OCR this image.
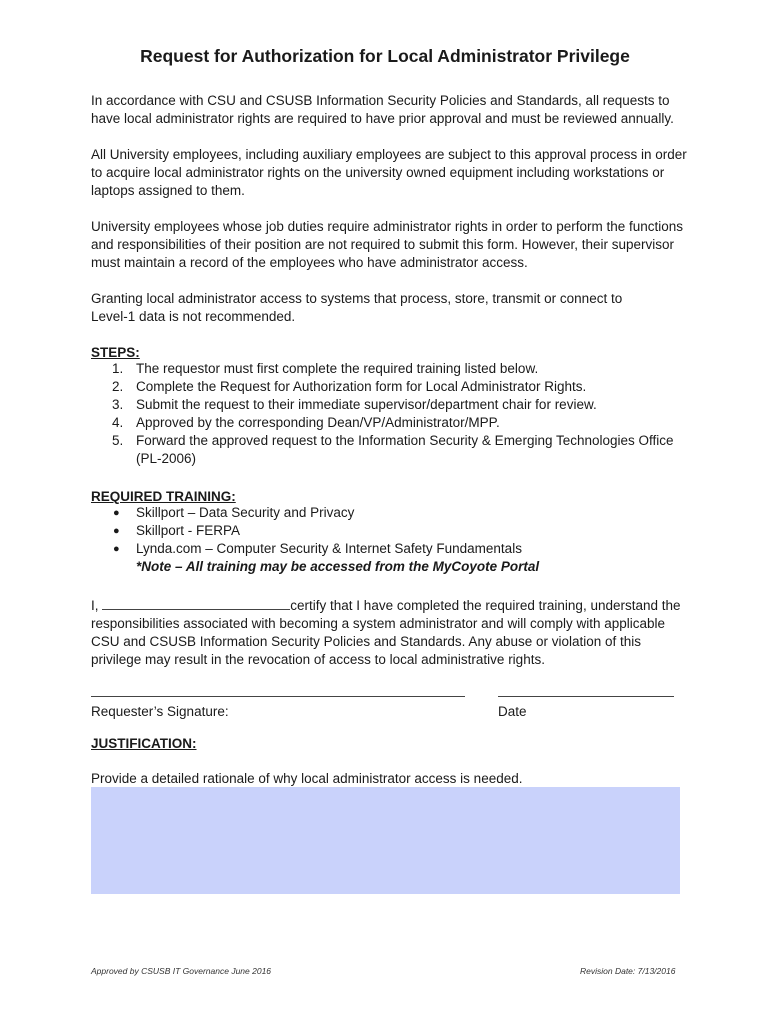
Request for Authorization for Local Administrator Privilege

In accordance with CSU and CSUSB Information Security Policies and Standards, all requests to have local administrator rights are required to have prior approval and must be reviewed annually.

All University employees, including auxiliary employees are subject to this approval process in order to acquire local administrator rights on the university owned equipment including workstations or laptops assigned to them.

University employees whose job duties require administrator rights in order to perform the functions and responsibilities of their position are not required to submit this form. However, their supervisor must maintain a record of the employees who have administrator access.

Granting local administrator access to systems that process, store, transmit or connect to Level-1 data is not recommended.

STEPS:
1. The requestor must first complete the required training listed below.
2. Complete the Request for Authorization form for Local Administrator Rights.
3. Submit the request to their immediate supervisor/department chair for review.
4. Approved by the corresponding Dean/VP/Administrator/MPP.
5. Forward the approved request to the Information Security & Emerging Technologies Office (PL-2006)
REQUIRED TRAINING:
● Skillport – Data Security and Privacy
● Skillport - FERPA
● Lynda.com – Computer Security & Internet Safety Fundamentals
*Note – All training may be accessed from the MyCoyote Portal

I,	certify that I have completed the required training, understand the responsibilities associated with becoming a system administrator and will comply with applicable CSU and CSUSB Information Security Policies and Standards. Any abuse or violation of this privilege may result in the revocation of access to local administrative rights.

Requester’s Signature:	Date
JUSTIFICATION:

Provide a detailed rationale of why local administrator access is needed.

Approved by CSUSB IT Governance June 2016	Revision Date: 7/13/2016
